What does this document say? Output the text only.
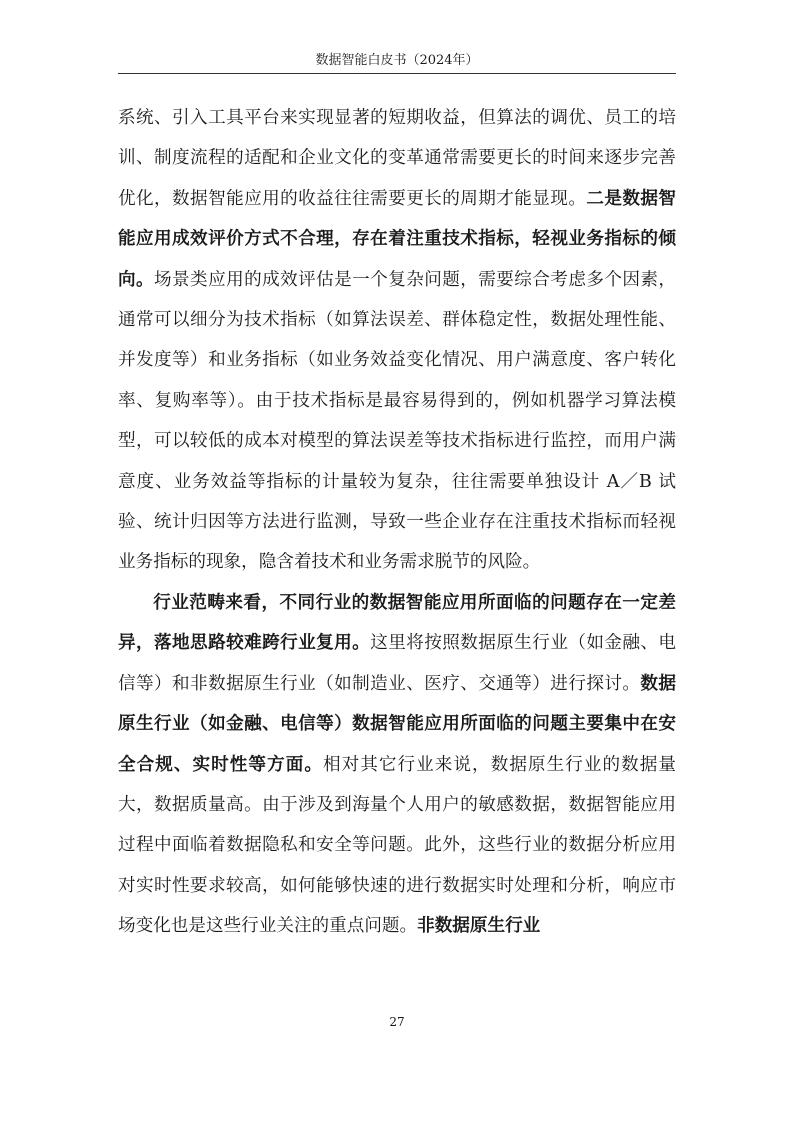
数据智能白皮书（2024年）

系统、引入工具平台来实现显著的短期收益，但算法的调优、员工的培训、制度流程的适配和企业文化的变革通常需要更长的时间来逐步完善优化，数据智能应用的收益往往需要更长的周期才能显现。二是数据智能应用成效评价方式不合理，存在着注重技术指标，轻视业务指标的倾向。场景类应用的成效评估是一个复杂问题，需要综合考虑多个因素，通常可以细分为技术指标（如算法误差、群体稳定性，数据处理性能、并发度等）和业务指标（如业务效益变化情况、用户满意度、客户转化率、复购率等）。由于技术指标是最容易得到的，例如机器学习算法模型，可以较低的成本对模型的算法误差等技术指标进行监控，而用户满意度、业务效益等指标的计量较为复杂，往往需要单独设计 A／B 试验、统计归因等方法进行监测，导致一些企业存在注重技术指标而轻视业务指标的现象，隐含着技术和业务需求脱节的风险。

行业范畴来看，不同行业的数据智能应用所面临的问题存在一定差异，落地思路较难跨行业复用。这里将按照数据原生行业（如金融、电信等）和非数据原生行业（如制造业、医疗、交通等）进行探讨。数据原生行业（如金融、电信等）数据智能应用所面临的问题主要集中在安全合规、实时性等方面。相对其它行业来说，数据原生行业的数据量大，数据质量高。由于涉及到海量个人用户的敏感数据，数据智能应用过程中面临着数据隐私和安全等问题。此外，这些行业的数据分析应用对实时性要求较高，如何能够快速的进行数据实时处理和分析，响应市场变化也是这些行业关注的重点问题。非数据原生行业

27
